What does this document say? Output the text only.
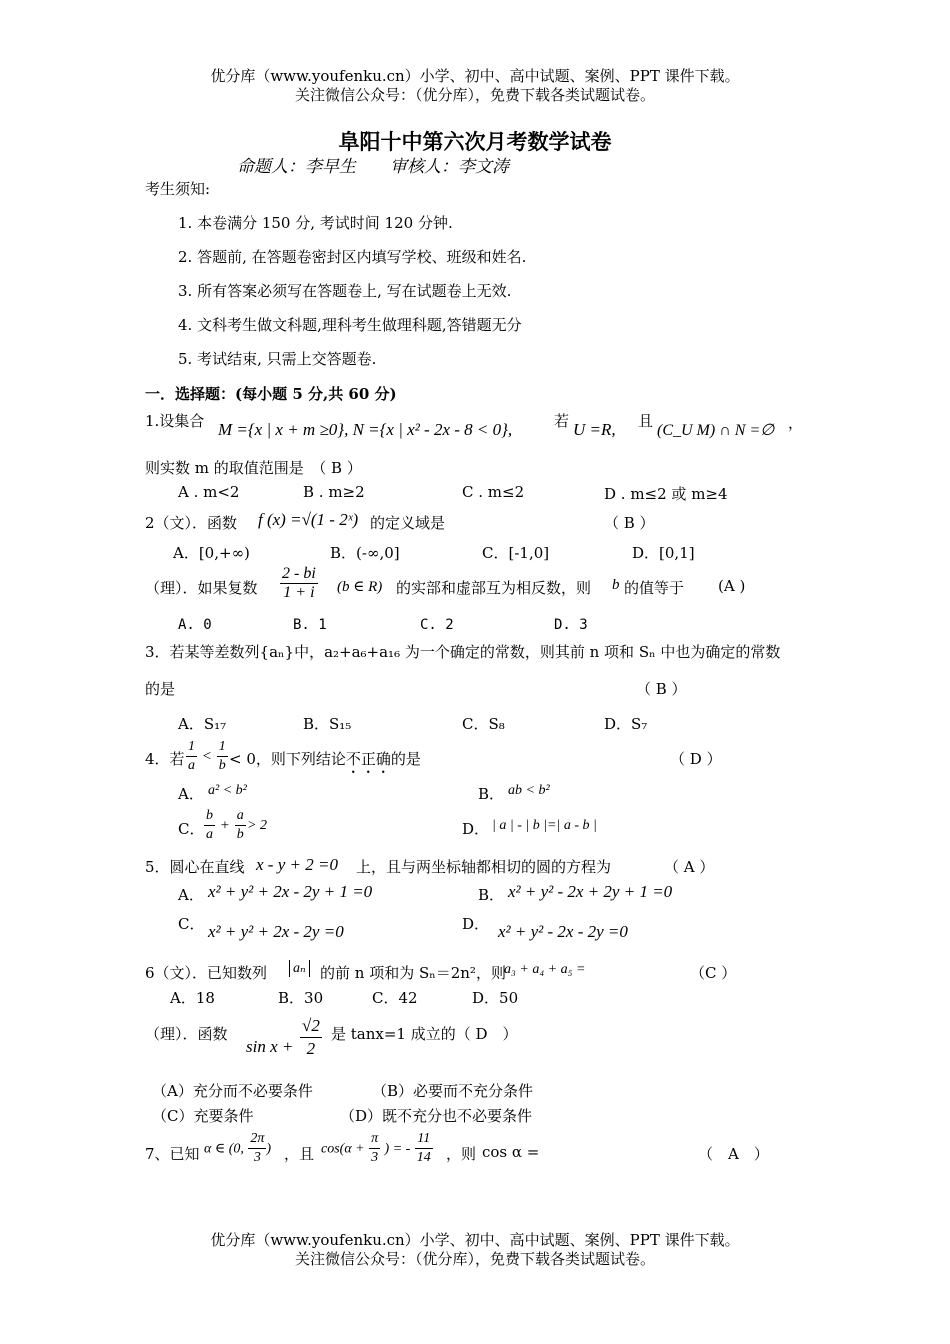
优分库（www.youfenku.cn）小学、初中、高中试题、案例、PPT 课件下载。
关注微信公众号：（优分库），免费下载各类试题试卷。
阜阳十中第六次月考数学试卷
命题人：李早生　　审核人：李文涛
考生须知:
1. 本卷满分 150 分, 考试时间 120 分钟.
2. 答题前, 在答题卷密封区内填写学校、班级和姓名.
3. 所有答案必须写在答题卷上, 写在试题卷上无效.
4. 文科考生做文科题,理科考生做理科题,答错题无分
5. 考试结束, 只需上交答题卷.
一．选择题：(每小题 5 分,共 60 分)
1.设集合 M ={x | x + m ≥0}, N ={x | x² - 2x - 8 < 0},	若 U =R, 且
(C_U M) ∩ N =∅ ，
则实数 m 的取值范围是　（ B ）
A . m<2	B . m≥2	C . m≤2	D . m≤2 或 m≥4
2（文）．函数 f (x) =√(1 - 2ˣ) 的定义域是	（ B ）
A．[0,+∞)	B．(-∞,0]	C．[-1,0]	D．[0,1]
（理）．如果复数 $\frac{2 - bi}{1 + i} (b$ ∈ R) 的实部和虚部互为相反数，则 b 的值等于 (A )
A. 0	B. 1	C. 2	D. 3
3．若某等差数列{aₙ}中，a₂+a₆+a₁₆ 为一个确定的常数，则其前 n 项和 Sₙ 中也为确定的常数
的是	（ B ）
A．S₁₇	B．S₁₅	C．S₈	D．S₇
4．若 $\frac{1}{a} < \frac{1}{b} < 0$，则下列结论不正确的是	（ D ）
A． a² < b²	B． ab < b²
C． $\frac{b}{a} + \frac{a}{b} > 2$	D． | a | - | b |=| a - b |
5．圆心在直线 x - y + 2 =0 上，且与两坐标轴都相切的圆的方程为	（ A ）
A． x² + y² + 2x - 2y + 1 =0	B． x² + y² - 2x + 2y + 1 =0
C． x² + y² + 2x - 2y =0	D． x² + y² - 2x - 2y =0
6（文）．已知数列 aₙ 的前 n 项和为 Sₙ＝2n²，则
a₃ + a₄ + a₅ =	（C ）
A．18	B．30	C．42	D．50
（理）．函数
$\sin x + \frac{√2}{2}$ 是 tanx=1 成立的（ D　）
（A）充分而不必要条件	（B）必要而不充分条件
（C）充要条件	（D）既不充分也不必要条件
7、已知 α ∈ (0, $\frac{2\pi}{3}$ ) ，且 $\cos(\alpha + \frac{\pi}{3}$ ) = - $\frac{11}{14}$ ，则 cos α =	（　A　）
优分库（www.youfenku.cn）小学、初中、高中试题、案例、PPT 课件下载。
关注微信公众号：（优分库），免费下载各类试题试卷。
